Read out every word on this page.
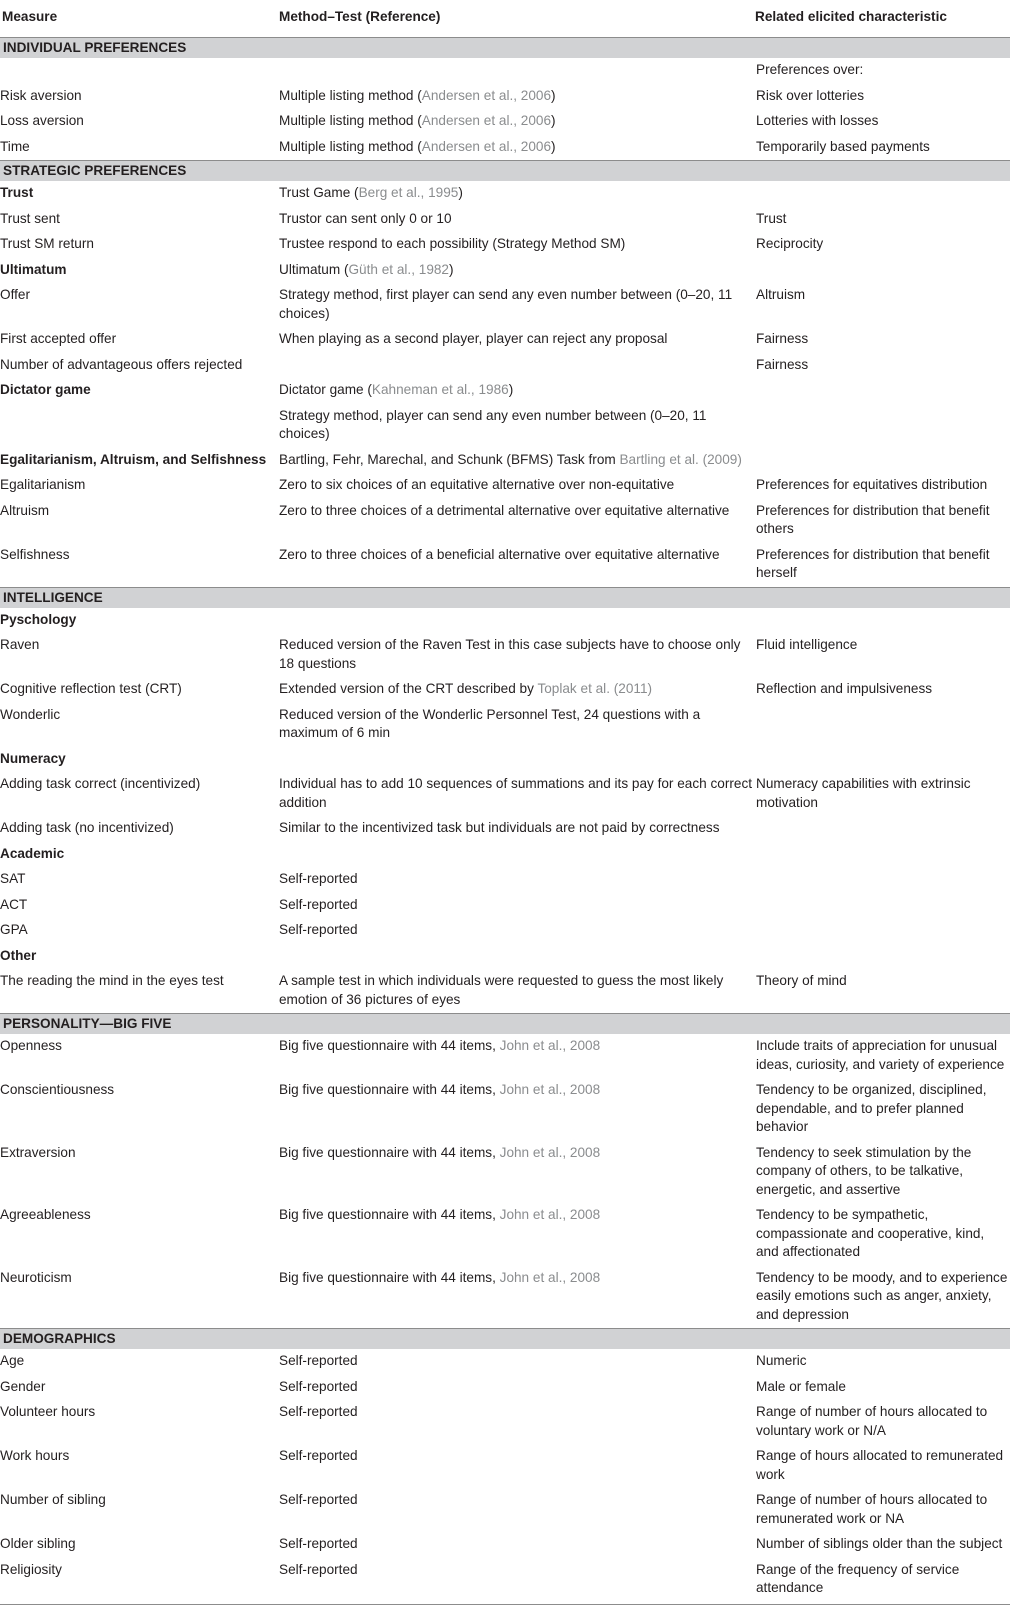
Measure	Method–Test (Reference)	Related elicited characteristic
INDIVIDUAL PREFERENCES		
		Preferences over:
Risk aversion	Multiple listing method (Andersen et al., 2006)	Risk over lotteries
Loss aversion	Multiple listing method (Andersen et al., 2006)	Lotteries with losses
Time	Multiple listing method (Andersen et al., 2006)	Temporarily based payments
STRATEGIC PREFERENCES		
Trust	Trust Game (Berg et al., 1995)	
Trust sent	Trustor can sent only 0 or 10	Trust
Trust SM return	Trustee respond to each possibility (Strategy Method SM)	Reciprocity
Ultimatum	Ultimatum (Güth et al., 1982)	
Offer	Strategy method, first player can send any even number between (0–20, 11 choices)	Altruism
First accepted offer	When playing as a second player, player can reject any proposal	Fairness
Number of advantageous offers rejected		Fairness
Dictator game	Dictator game (Kahneman et al., 1986)	
	Strategy method, player can send any even number between (0–20, 11 choices)	
Egalitarianism, Altruism, and Selfishness	Bartling, Fehr, Marechal, and Schunk (BFMS) Task from Bartling et al. (2009)	
Egalitarianism	Zero to six choices of an equitative alternative over non-equitative	Preferences for equitatives distribution
Altruism	Zero to three choices of a detrimental alternative over equitative alternative	Preferences for distribution that benefit others
Selfishness	Zero to three choices of a beneficial alternative over equitative alternative	Preferences for distribution that benefit herself
INTELLIGENCE		
Pyschology		
Raven	Reduced version of the Raven Test in this case subjects have to choose only 18 questions	Fluid intelligence
Cognitive reflection test (CRT)	Extended version of the CRT described by Toplak et al. (2011)	Reflection and impulsiveness
Wonderlic	Reduced version of the Wonderlic Personnel Test, 24 questions with a maximum of 6 min	
Numeracy		
Adding task correct (incentivized)	Individual has to add 10 sequences of summations and its pay for each correct addition	Numeracy capabilities with extrinsic motivation
Adding task (no incentivized)	Similar to the incentivized task but individuals are not paid by correctness	
Academic		
SAT	Self-reported	
ACT	Self-reported	
GPA	Self-reported	
Other		
The reading the mind in the eyes test	A sample test in which individuals were requested to guess the most likely emotion of 36 pictures of eyes	Theory of mind
PERSONALITY—BIG FIVE		
Openness	Big five questionnaire with 44 items, John et al., 2008	Include traits of appreciation for unusual ideas, curiosity, and variety of experience
Conscientiousness	Big five questionnaire with 44 items, John et al., 2008	Tendency to be organized, disciplined, dependable, and to prefer planned behavior
Extraversion	Big five questionnaire with 44 items, John et al., 2008	Tendency to seek stimulation by the company of others, to be talkative, energetic, and assertive
Agreeableness	Big five questionnaire with 44 items, John et al., 2008	Tendency to be sympathetic, compassionate and cooperative, kind, and affectionated
Neuroticism	Big five questionnaire with 44 items, John et al., 2008	Tendency to be moody, and to experience easily emotions such as anger, anxiety, and depression
DEMOGRAPHICS		
Age	Self-reported	Numeric
Gender	Self-reported	Male or female
Volunteer hours	Self-reported	Range of number of hours allocated to voluntary work or N/A
Work hours	Self-reported	Range of hours allocated to remunerated work
Number of sibling	Self-reported	Range of number of hours allocated to remunerated work or NA
Older sibling	Self-reported	Number of siblings older than the subject
Religiosity	Self-reported	Range of the frequency of service attendance
